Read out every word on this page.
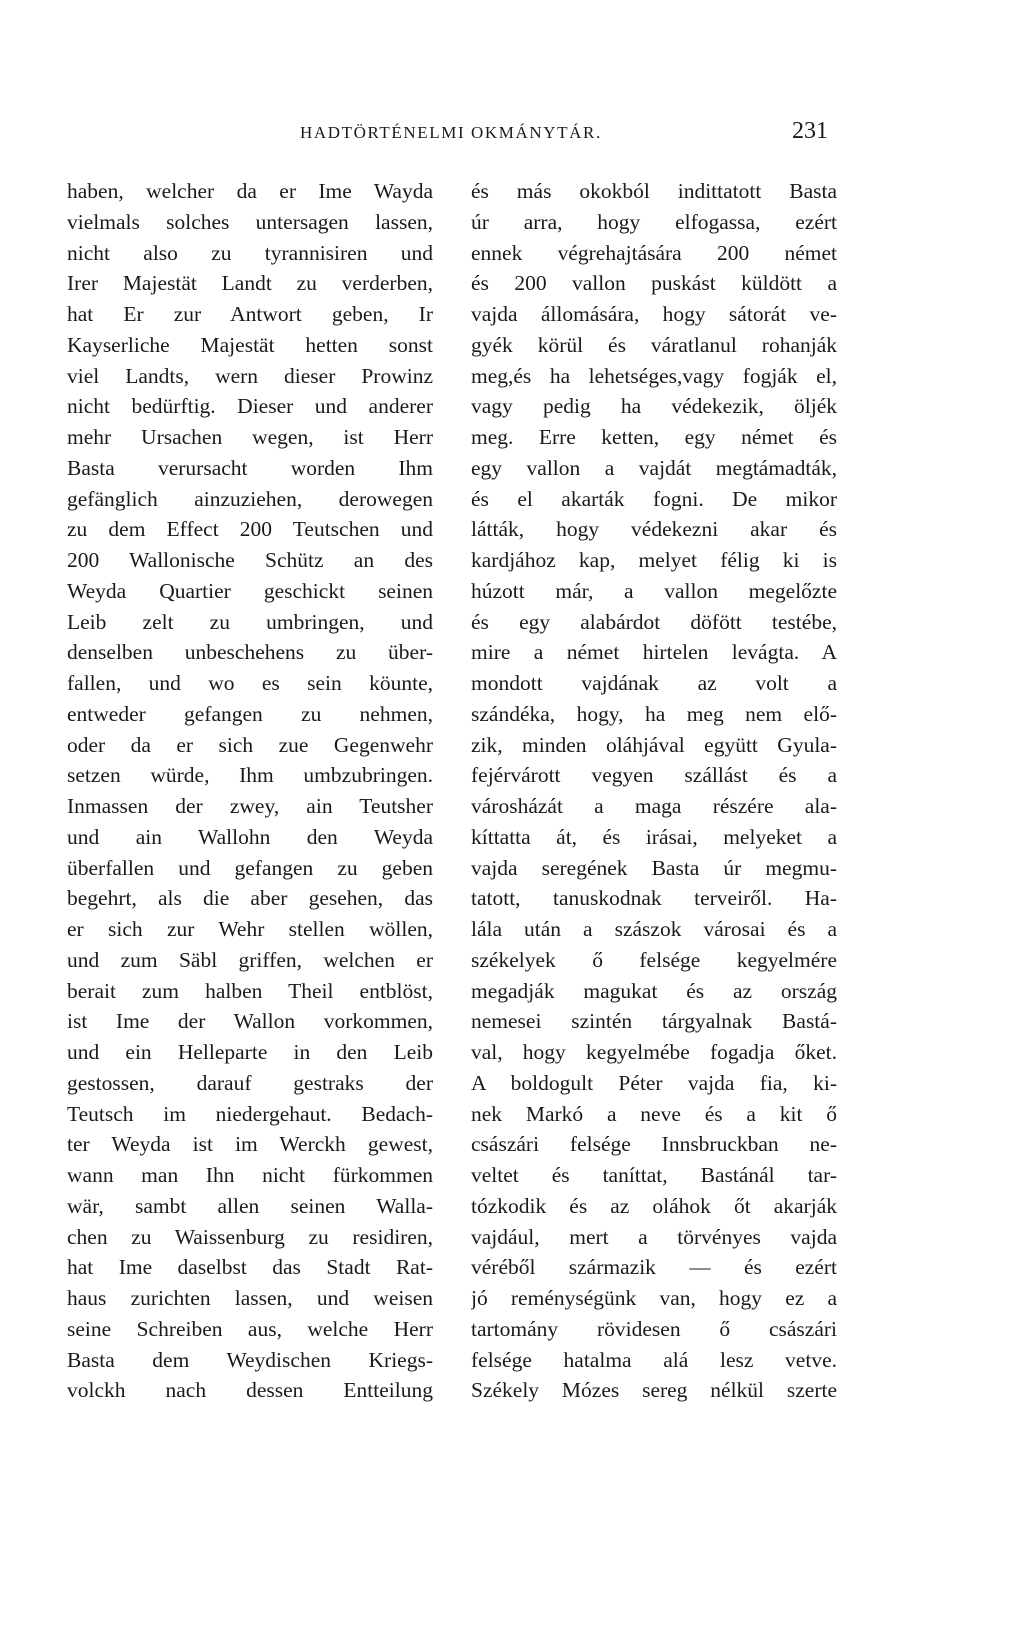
HADTÖRTÉNELMI OKMÁNYTÁR.	231
haben, welcher da er Ime Wayda
vielmals solches untersagen lassen,
nicht also zu tyrannisiren und
Irer Majestät Landt zu verderben,
hat Er zur Antwort geben, Ir
Kayserliche Majestät hetten sonst
viel Landts, wern dieser Prowinz
nicht bedürftig. Dieser und anderer
mehr Ursachen wegen, ist Herr
Basta verursacht worden Ihm
gefänglich ainzuziehen, derowegen
zu dem Effect 200 Teutschen und
200 Wallonische Schütz an des
Weyda Quartier geschickt seinen
Leib zelt zu umbringen, und
denselben unbeschehens zu über-
fallen, und wo es sein köunte,
entweder gefangen zu nehmen,
oder da er sich zue Gegenwehr
setzen würde, Ihm umbzubringen.
Inmassen der zwey, ain Teutsher
und ain Wallohn den Weyda
überfallen und gefangen zu geben
begehrt, als die aber gesehen, das
er sich zur Wehr stellen wöllen,
und zum Säbl griffen, welchen er
berait zum halben Theil entblöst,
ist Ime der Wallon vorkommen,
und ein Helleparte in den Leib
gestossen, darauf gestraks der
Teutsch im niedergehaut. Bedach-
ter Weyda ist im Werckh gewest,
wann man Ihn nicht fürkommen
wär, sambt allen seinen Walla-
chen zu Waissenburg zu residiren,
hat Ime daselbst das Stadt Rat-
haus zurichten lassen, und weisen
seine Schreiben aus, welche Herr
Basta dem Weydischen Kriegs-
volckh nach dessen Entteilung
és más okokból indittatott Basta
úr arra, hogy elfogassa, ezért
ennek végrehajtására 200 német
és 200 vallon puskást küldött a
vajda állomására, hogy sátorát ve-
gyék körül és váratlanul rohanják
meg,és ha lehetséges,vagy fogják el,
vagy pedig ha védekezik, öljék
meg. Erre ketten, egy német és
egy vallon a vajdát megtámadták,
és el akarták fogni. De mikor
látták, hogy védekezni akar és
kardjához kap, melyet félig ki is
húzott már, a vallon megelőzte
és egy alabárdot döfött testébe,
mire a német hirtelen levágta. A
mondott vajdának az volt a
szándéka, hogy, ha meg nem elő-
zik, minden oláhjával együtt Gyula-
fejérvárott vegyen szállást és a
városházát a maga részére ala-
kíttatta át, és irásai, melyeket a
vajda seregének Basta úr megmu-
tatott, tanuskodnak terveiről. Ha-
lála után a szászok városai és a
székelyek ő felsége kegyelmére
megadják magukat és az ország
nemesei szintén tárgyalnak Bastá-
val, hogy kegyelmébe fogadja őket.
A boldogult Péter vajda fia, ki-
nek Markó a neve és a kit ő
császári felsége Innsbruckban ne-
veltet és taníttat, Bastánál tar-
tózkodik és az oláhok őt akarják
vajdául, mert a törvényes vajda
véréből származik — és ezért
jó reménységünk van, hogy ez a
tartomány rövidesen ő császári
felsége hatalma alá lesz vetve.
Székely Mózes sereg nélkül szerte
